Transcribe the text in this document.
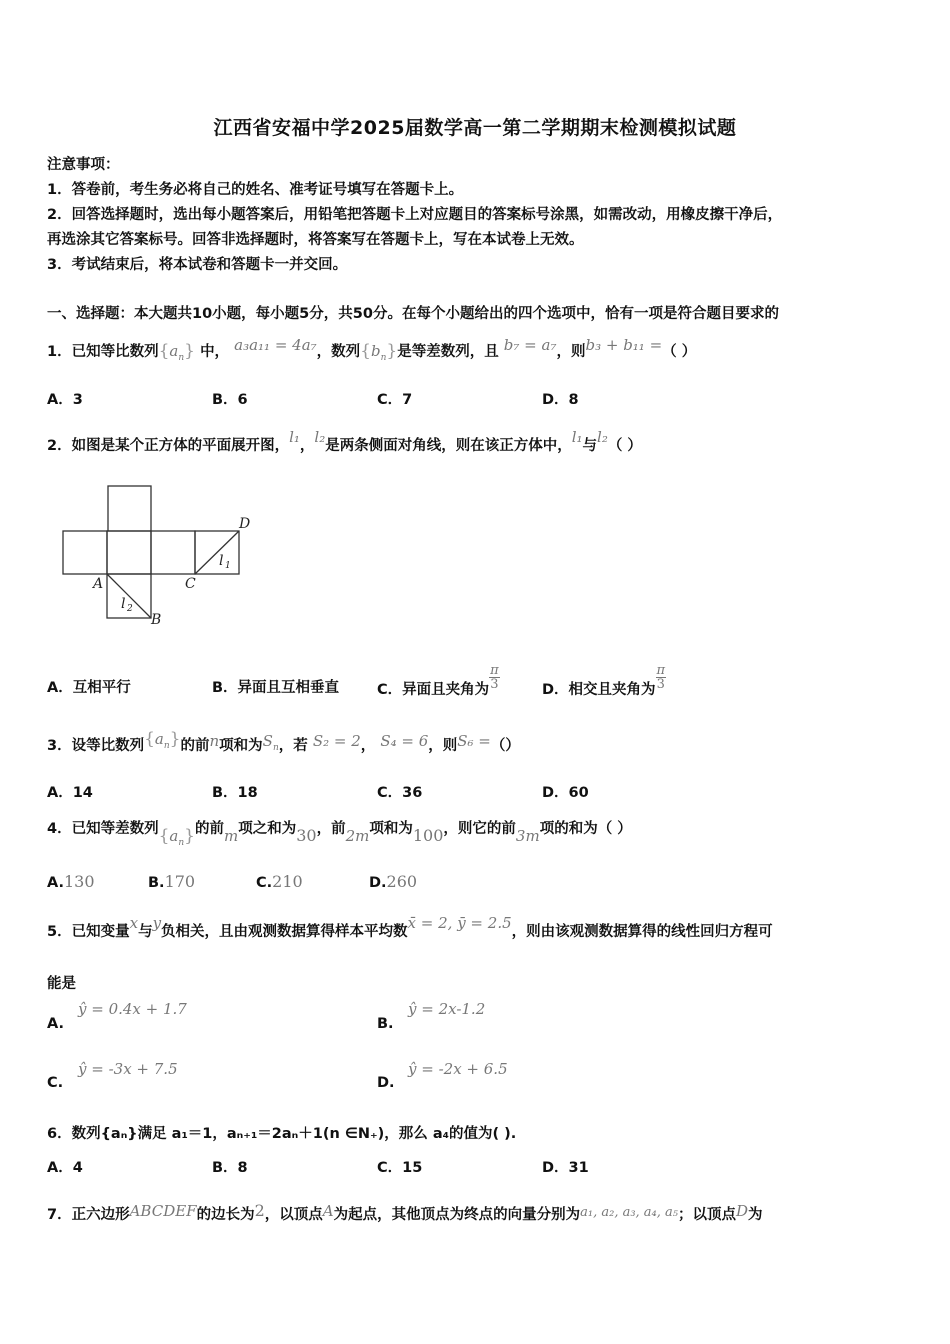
江西省安福中学2025届数学高一第二学期期末检测模拟试题
注意事项：
1．答卷前，考生务必将自己的姓名、准考证号填写在答题卡上。
2．回答选择题时，选出每小题答案后，用铅笔把答题卡上对应题目的答案标号涂黑，如需改动，用橡皮擦干净后，
再选涂其它答案标号。回答非选择题时，将答案写在答题卡上，写在本试卷上无效。
3．考试结束后，将本试卷和答题卡一并交回。
一、选择题：本大题共10小题，每小题5分，共50分。在每个小题给出的四个选项中，恰有一项是符合题目要求的
1．已知等比数列$\{a_n\}$ 中， a₃a₁₁ = 4a₇，数列$\{b_n\}$是等差数列，且 b₇ = a₇，则b₃ + b₁₁ =（ ）
A．3	B．6	C．7	D．8
2．如图是某个正方体的平面展开图，l₁，l₂是两条侧面对角线，则在该正方体中，l₁与l₂（ ）
A
B
C
D
l 1
l 2
A．互相平行	B．异面且互相垂直	C．异面且夹角为 $\frac{\pi}{3}$	D．相交且夹角为 $\frac{\pi}{3}$
3．设等比数列$\{a_n\}$的前n项和为$S_n$，若 S₂ = 2， S₄ = 6，则S₆ =（）
A．14	B．18	C．36	D．60
4．已知等差数列$\{a_n\}$的前m项之和为30，前2m项和为100，则它的前3m项的和为（ ）
A.130	B.170	C.210	D.260
5．已知变量x与y负相关，且由观测数据算得样本平均数x̄ = 2, ȳ = 2.5，则由该观测数据算得的线性回归方程可
能是
A.
ŷ = 0.4x + 1.7
B.
ŷ = 2x-1.2
C.
ŷ = -3x + 7.5
D.
ŷ = -2x + 6.5
6．数列{aₙ}满足 a₁＝1，aₙ₊₁＝2aₙ＋1(n ∈N₊)，那么 a₄的值为( ).
A．4	B．8	C．15	D．31
7．正六边形ABCDEF的边长为2，以顶点A为起点，其他顶点为终点的向量分别为a₁, a₂, a₃, a₄, a₅；以顶点D为
